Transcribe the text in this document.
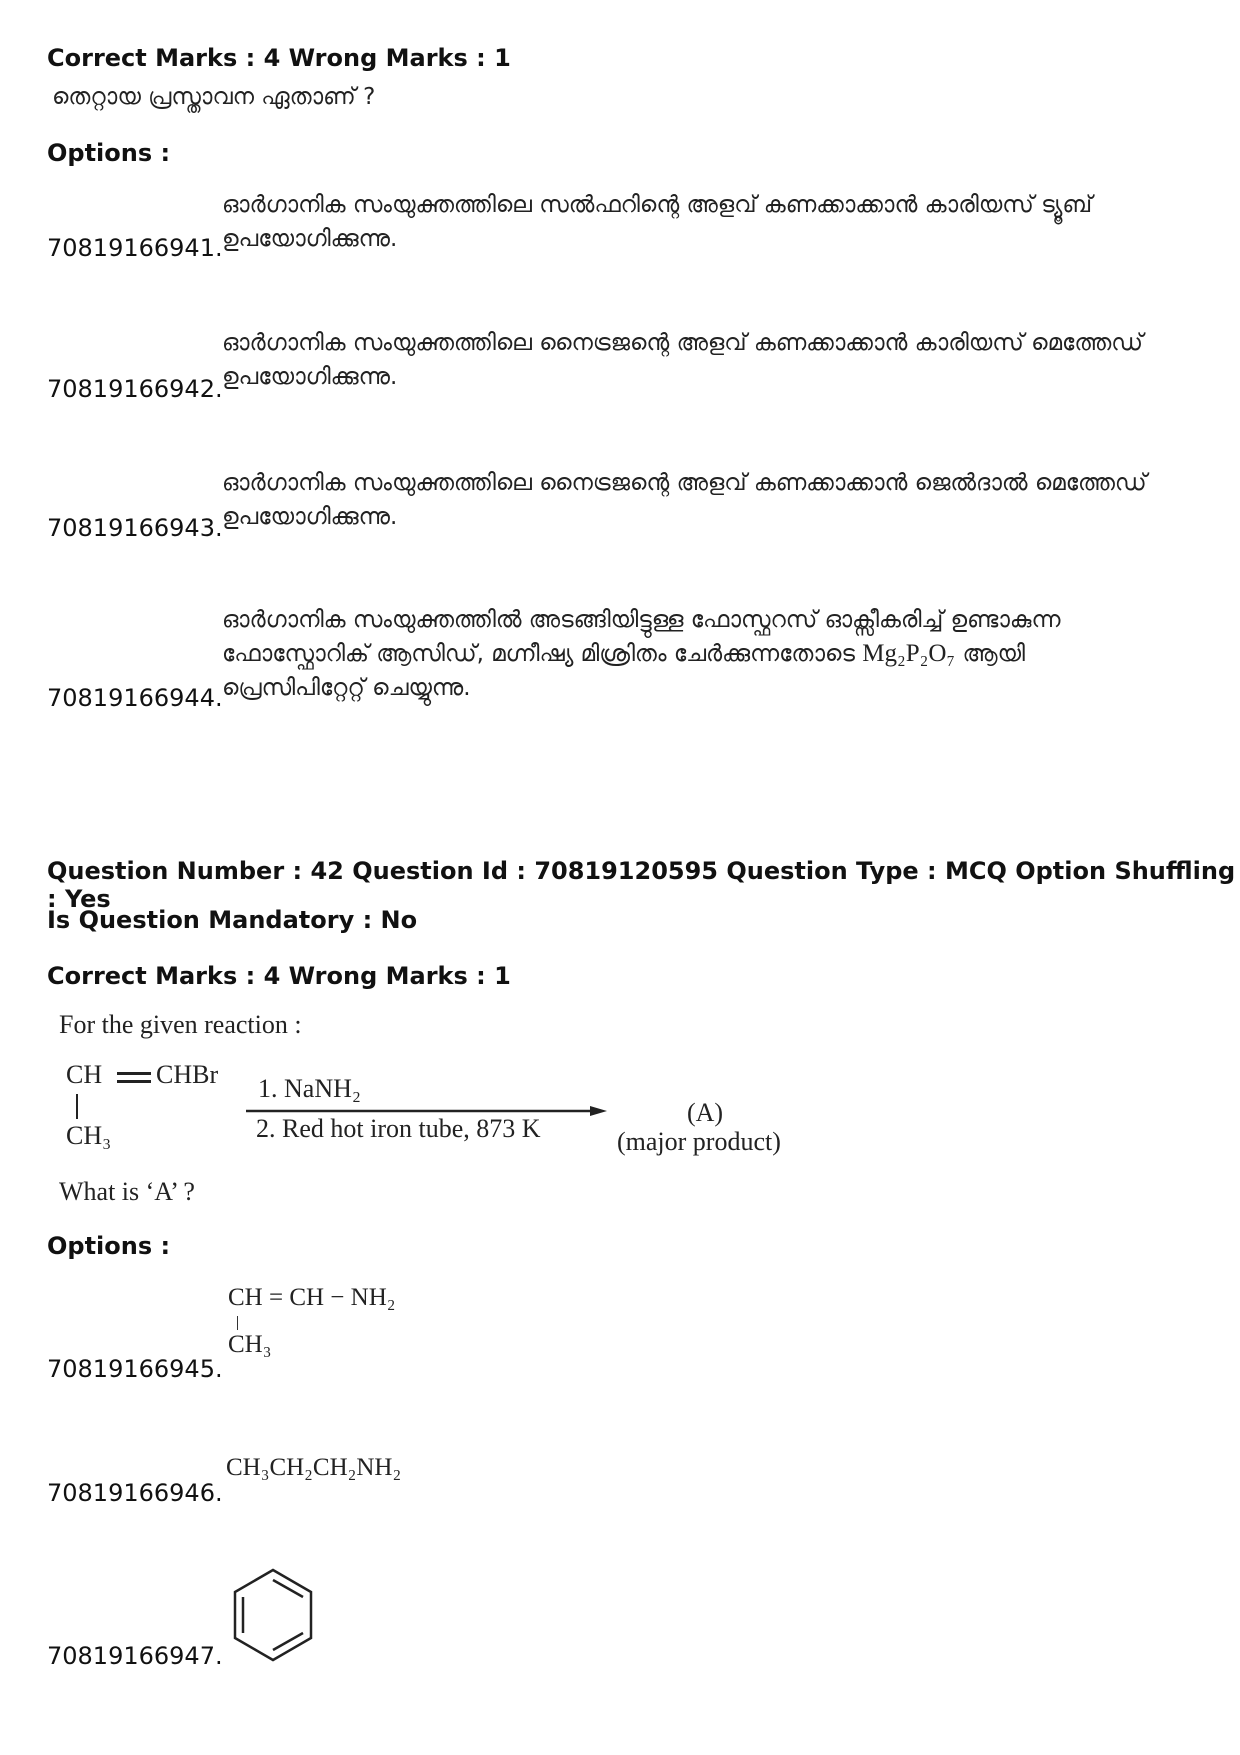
Correct Marks : 4 Wrong Marks : 1
തെറ്റായ പ്രസ്താവന ഏതാണ് ?
Options :
ഓർഗാനിക സംയുക്തത്തിലെ സൽഫറിന്റെ അളവ് കണക്കാക്കാൻ കാരിയസ് ട്യൂബ് ഉപയോഗിക്കുന്നു.
70819166941.
ഓർഗാനിക സംയുക്തത്തിലെ നൈട്രജന്റെ അളവ് കണക്കാക്കാൻ കാരിയസ് മെത്തേഡ് ഉപയോഗിക്കുന്നു.
70819166942.
ഓർഗാനിക സംയുക്തത്തിലെ നൈട്രജന്റെ അളവ് കണക്കാക്കാൻ ജെൽദാൽ മെത്തേഡ് ഉപയോഗിക്കുന്നു.
70819166943.
ഓർഗാനിക സംയുക്തത്തിൽ അടങ്ങിയിട്ടുള്ള ഫോസ്ഫറസ് ഓക്സീകരിച്ച് ഉണ്ടാകുന്ന ഫോസ്ഫോറിക് ആസിഡ്, മഗ്നീഷ്യ മിശ്രിതം ചേർക്കുന്നതോടെ Mg₂P₂O₇ ആയി പ്രെസിപിറ്റേറ്റ് ചെയ്യുന്നു.
70819166944.
Question Number : 42 Question Id : 70819120595 Question Type : MCQ Option Shuffling : Yes
Is Question Mandatory : No
Correct Marks : 4 Wrong Marks : 1
For the given reaction :
CH CHBr
CH₃
1. NaNH₂
2. Red hot iron tube, 873 K
(A)
(major product)
What is ‘A’ ?
Options :
CH = CH − NH₂
CH₃
70819166945.
CH₃CH₂CH₂NH₂
70819166946.
70819166947.
